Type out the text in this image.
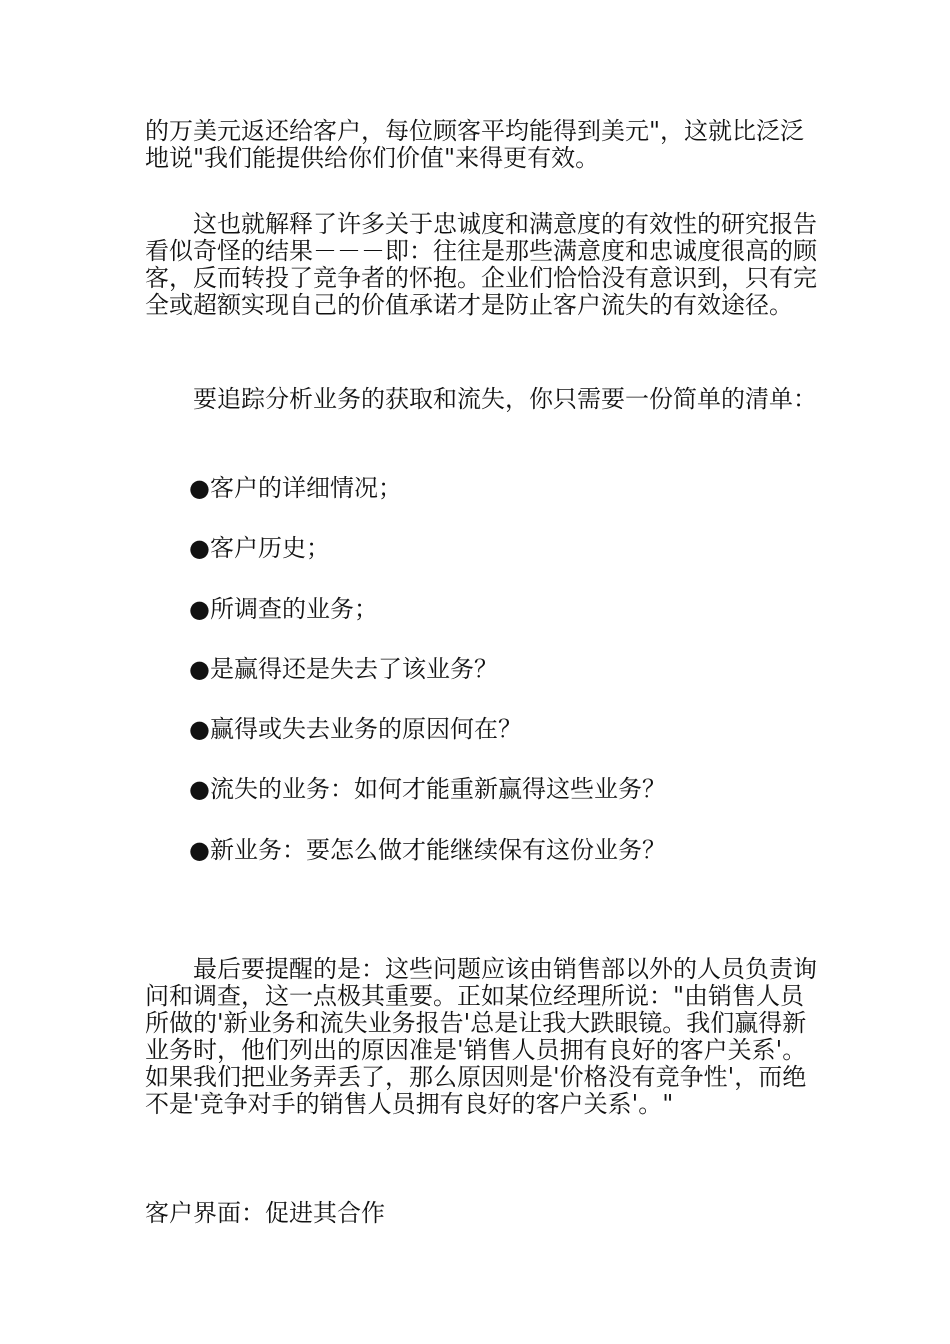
的万美元返还给客户，每位顾客平均能得到美元"，这就比泛泛地说"我们能提供给你们价值"来得更有效。

这也就解释了许多关于忠诚度和满意度的有效性的研究报告看似奇怪的结果－－－即：往往是那些满意度和忠诚度很高的顾客，反而转投了竞争者的怀抱。企业们恰恰没有意识到，只有完全或超额实现自己的价值承诺才是防止客户流失的有效途径。

要追踪分析业务的获取和流失，你只需要一份简单的清单：

●客户的详细情况；

●客户历史；

●所调查的业务；

●是赢得还是失去了该业务？

●赢得或失去业务的原因何在？

●流失的业务：如何才能重新赢得这些业务？

●新业务：要怎么做才能继续保有这份业务？

最后要提醒的是：这些问题应该由销售部以外的人员负责询问和调查，这一点极其重要。正如某位经理所说："由销售人员所做的'新业务和流失业务报告'总是让我大跌眼镜。我们赢得新业务时，他们列出的原因准是'销售人员拥有良好的客户关系'。如果我们把业务弄丢了，那么原因则是'价格没有竞争性'，而绝不是'竞争对手的销售人员拥有良好的客户关系'。"

客户界面：促进其合作
